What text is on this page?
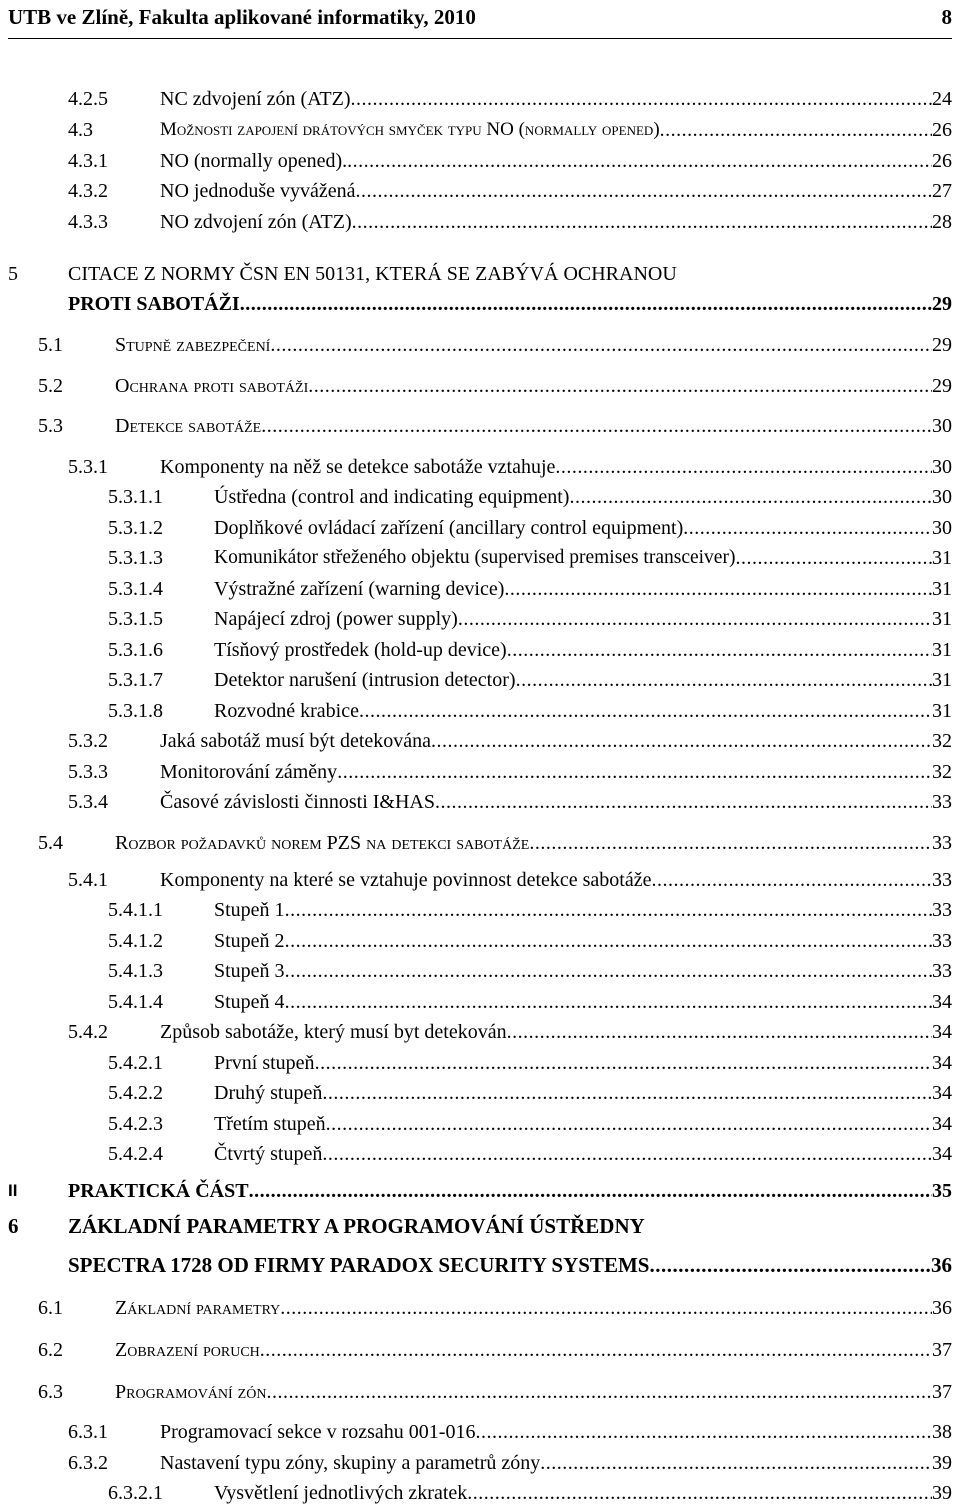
UTB ve Zlíně, Fakulta aplikované informatiky, 2010	8
4.2.5	NC zdvojení zón (ATZ) .....	24
4.3	Možnosti zapojení drátových smyček typu NO (normally opened) .....	26
4.3.1	NO (normally opened). .....	26
4.3.2	NO jednoduše vyvážená .....	27
4.3.3	NO zdvojení zón (ATZ) .....	28
5	CITACE Z NORMY ČSN EN 50131, KTERÁ SE ZABÝVÁ OCHRANOU
PROTI SABOTÁŽI .....	29
5.1	Stupně zabezpečení .....	29
5.2	Ochrana proti sabotáži .....	29
5.3	Detekce sabotáže .....	30
5.3.1	Komponenty na něž se detekce sabotáže vztahuje .....	30
5.3.1.1	Ústředna (control and indicating equipment) .....	30
5.3.1.2	Doplňkové ovládací zařízení (ancillary control equipment) .....	30
5.3.1.3	Komunikátor střeženého objektu (supervised premises transceiver) .....	31
5.3.1.4	Výstražné zařízení (warning device) .....	31
5.3.1.5	Napájecí zdroj (power supply) .....	31
5.3.1.6	Tísňový prostředek (hold-up device) .....	31
5.3.1.7	Detektor narušení (intrusion detector) .....	31
5.3.1.8	Rozvodné krabice .....	31
5.3.2	Jaká sabotáž musí být detekována .....	32
5.3.3	Monitorování záměny .....	32
5.3.4	Časové závislosti činnosti I&HAS .....	33
5.4	Rozbor požadavků norem PZS na detekci sabotáže .....	33
5.4.1	Komponenty na které se vztahuje povinnost detekce sabotáže .....	33
5.4.1.1	Stupeň 1 .....	33
5.4.1.2	Stupeň 2 .....	33
5.4.1.3	Stupeň 3 .....	33
5.4.1.4	Stupeň 4 .....	34
5.4.2	Způsob sabotáže, který musí byt detekován .....	34
5.4.2.1	První stupeň .....	34
5.4.2.2	Druhý stupeň .....	34
5.4.2.3	Třetím stupeň .....	34
5.4.2.4	Čtvrtý stupeň .....	34
II	PRAKTICKÁ ČÁST .....	35
6 ZÁKLADNÍ PARAMETRY A PROGRAMOVÁNÍ ÚSTŘEDNY
SPECTRA 1728 OD FIRMY PARADOX SECURITY SYSTEMS .....	36
6.1	Základní parametry .....	36
6.2	Zobrazení poruch .....	37
6.3	Programování zón .....	37
6.3.1	Programovací sekce v rozsahu 001-016 .....	38
6.3.2	Nastavení typu zóny, skupiny a parametrů zóny .....	39
6.3.2.1	Vysvětlení jednotlivých zkratek .....	39
